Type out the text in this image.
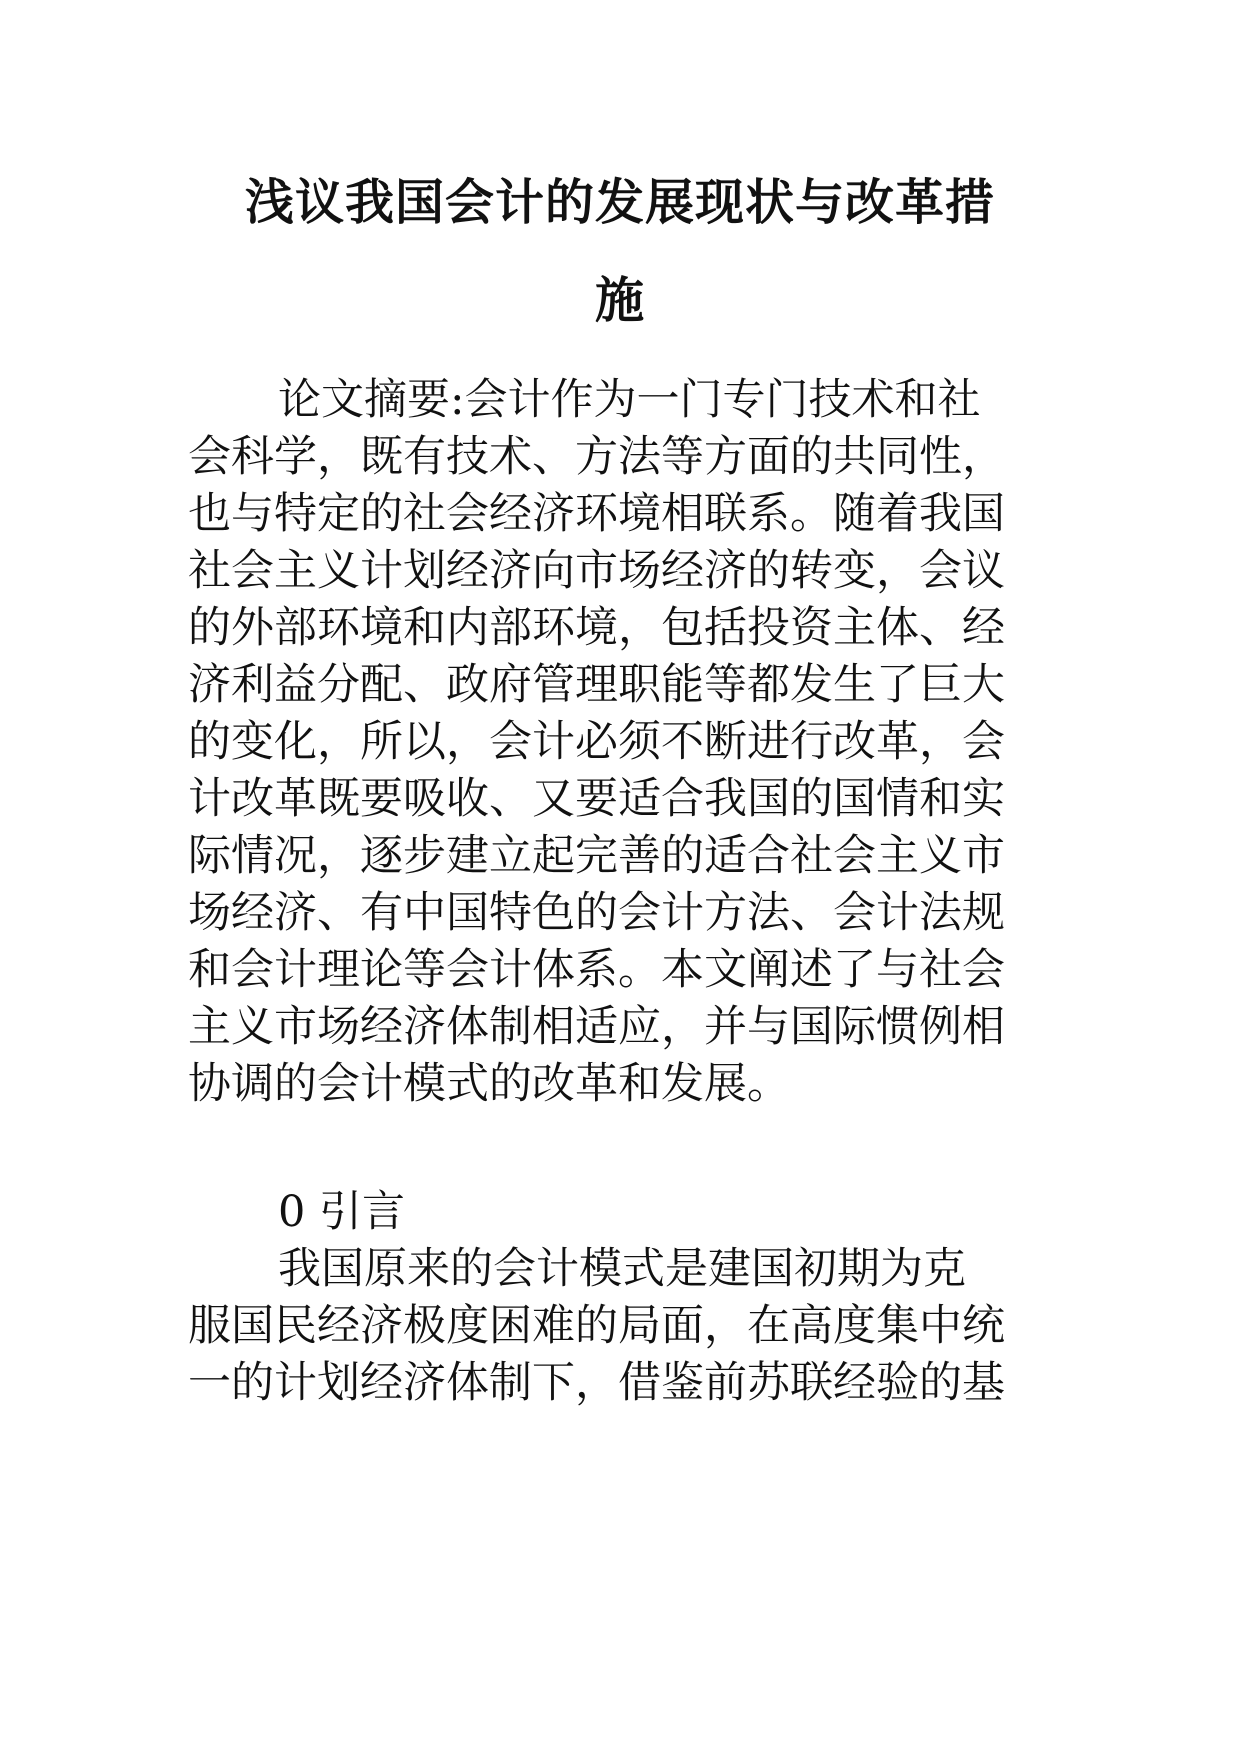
浅议我国会计的发展现状与改革措
施

论文摘要:会计作为一门专门技术和社

会科学，既有技术、方法等方面的共同性，

也与特定的社会经济环境相联系。随着我国

社会主义计划经济向市场经济的转变，会议

的外部环境和内部环境，包括投资主体、经

济利益分配、政府管理职能等都发生了巨大

的变化，所以，会计必须不断进行改革，会

计改革既要吸收、又要适合我国的国情和实

际情况，逐步建立起完善的适合社会主义市

场经济、有中国特色的会计方法、会计法规

和会计理论等会计体系。本文阐述了与社会

主义市场经济体制相适应，并与国际惯例相

协调的会计模式的改革和发展。

0 引言

我国原来的会计模式是建国初期为克

服国民经济极度困难的局面，在高度集中统

一的计划经济体制下，借鉴前苏联经验的基
